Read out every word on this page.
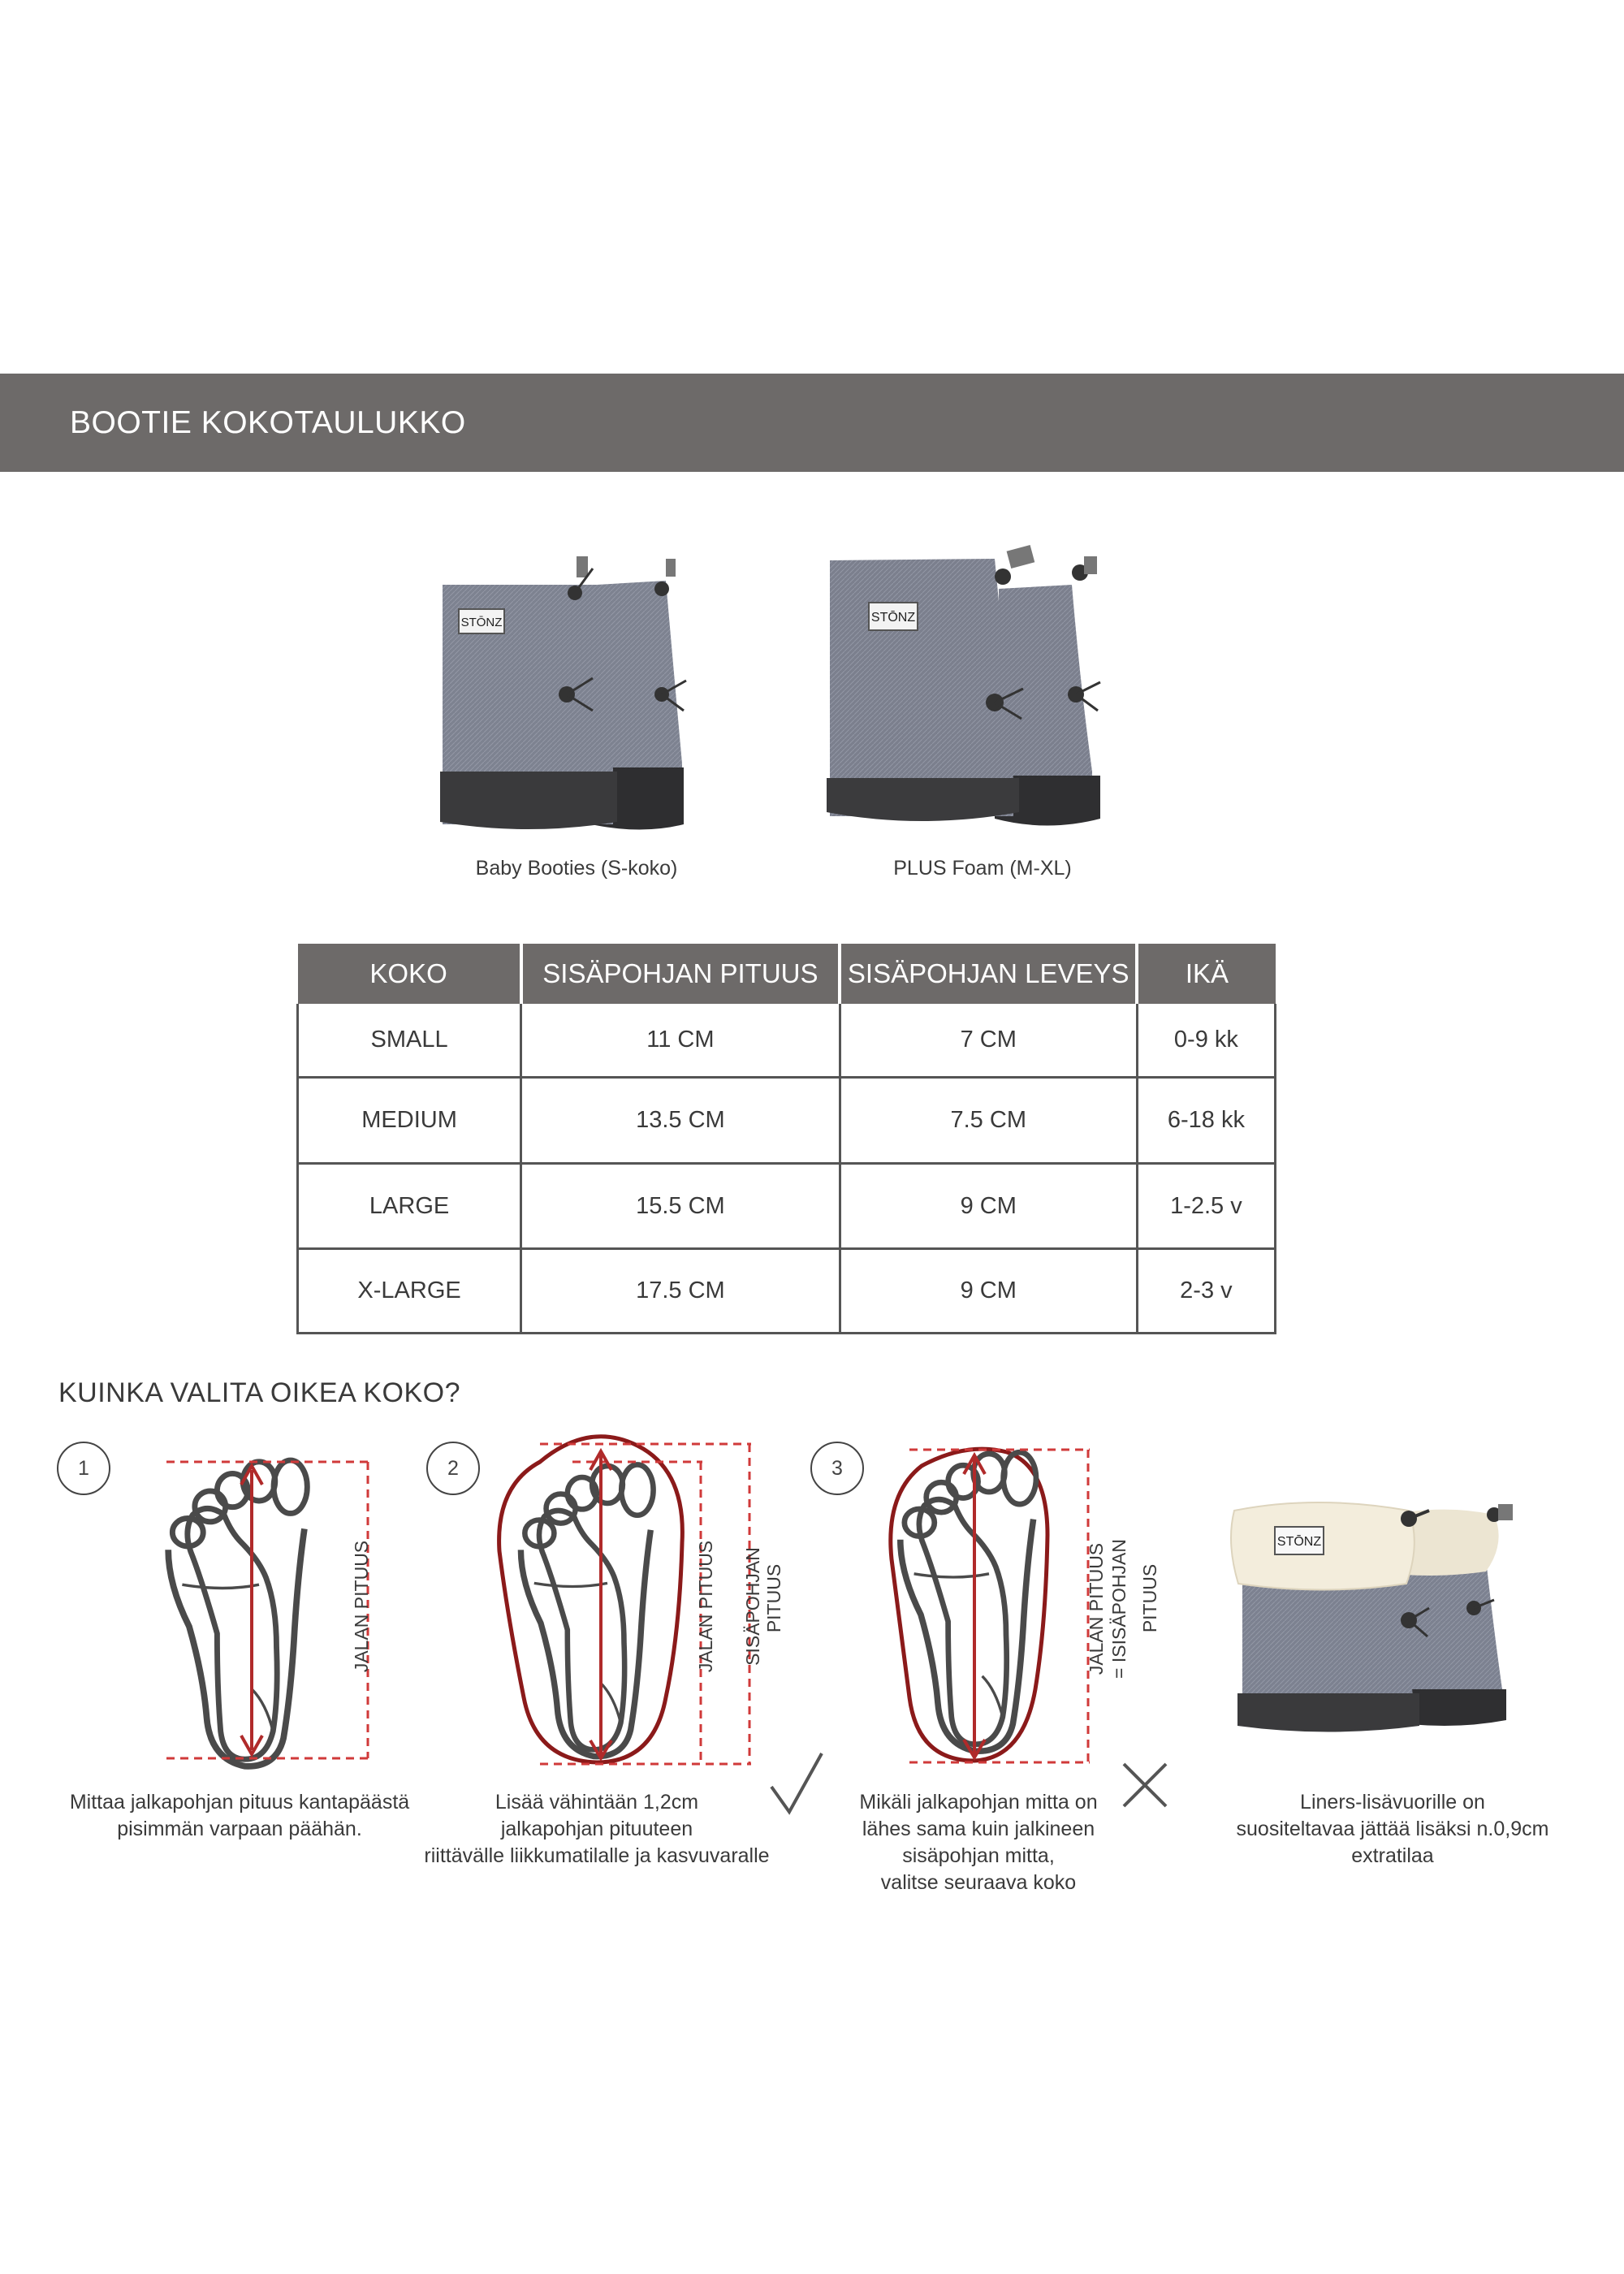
BOOTIE KOKOTAULUKKO
STŌNZ
Baby Booties (S-koko)
STŌNZ
PLUS Foam (M-XL)
KOKO	SISÄPOHJAN PITUUS	SISÄPOHJAN LEVEYS	IKÄ
SMALL	11 CM	7 CM	0-9 kk
MEDIUM	13.5 CM	7.5 CM	6-18 kk
LARGE	15.5 CM	9 CM	1-2.5 v
X-LARGE	17.5 CM	9 CM	2-3 v
KUINKA VALITA OIKEA KOKO?
1
JALAN PITUUS
Mittaa jalkapohjan pituus kantapäästä
pisimmän varpaan päähän.
2
JALAN PITUUS SISÄPOHJAN PITUUS
Lisää vähintään 1,2cm
jalkapohjan pituuteen
riittävälle liikkumatilalle ja kasvuvaralle
3
JALAN PITUUS = ISISÄPOHJAN PITUUS
Mikäli jalkapohjan mitta on
lähes sama kuin jalkineen
sisäpohjan mitta,
valitse seuraava koko
STŌNZ
Liners-lisävuorille on
suositeltavaa jättää lisäksi n.0,9cm
extratilaa
